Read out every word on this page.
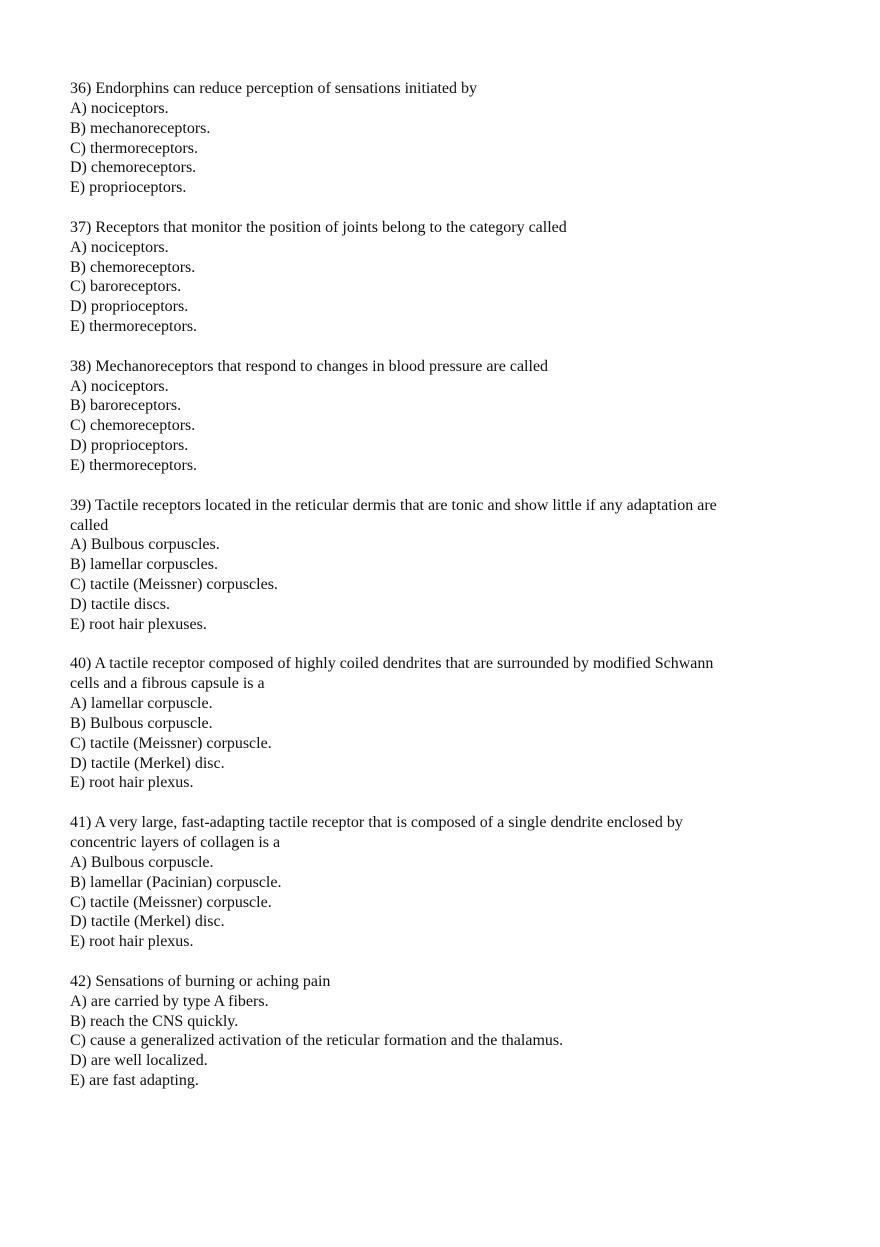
36) Endorphins can reduce perception of sensations initiated by
A) nociceptors.
B) mechanoreceptors.
C) thermoreceptors.
D) chemoreceptors.
E) proprioceptors.
37) Receptors that monitor the position of joints belong to the category called
A) nociceptors.
B) chemoreceptors.
C) baroreceptors.
D) proprioceptors.
E) thermoreceptors.
38) Mechanoreceptors that respond to changes in blood pressure are called
A) nociceptors.
B) baroreceptors.
C) chemoreceptors.
D) proprioceptors.
E) thermoreceptors.
39) Tactile receptors located in the reticular dermis that are tonic and show little if any adaptation are
called
A) Bulbous corpuscles.
B) lamellar corpuscles.
C) tactile (Meissner) corpuscles.
D) tactile discs.
E) root hair plexuses.
40) A tactile receptor composed of highly coiled dendrites that are surrounded by modified Schwann
cells and a fibrous capsule is a
A) lamellar corpuscle.
B) Bulbous corpuscle.
C) tactile (Meissner) corpuscle.
D) tactile (Merkel) disc.
E) root hair plexus.
41) A very large, fast-adapting tactile receptor that is composed of a single dendrite enclosed by
concentric layers of collagen is a
A) Bulbous corpuscle.
B) lamellar (Pacinian) corpuscle.
C) tactile (Meissner) corpuscle.
D) tactile (Merkel) disc.
E) root hair plexus.
42) Sensations of burning or aching pain
A) are carried by type A fibers.
B) reach the CNS quickly.
C) cause a generalized activation of the reticular formation and the thalamus.
D) are well localized.
E) are fast adapting.
